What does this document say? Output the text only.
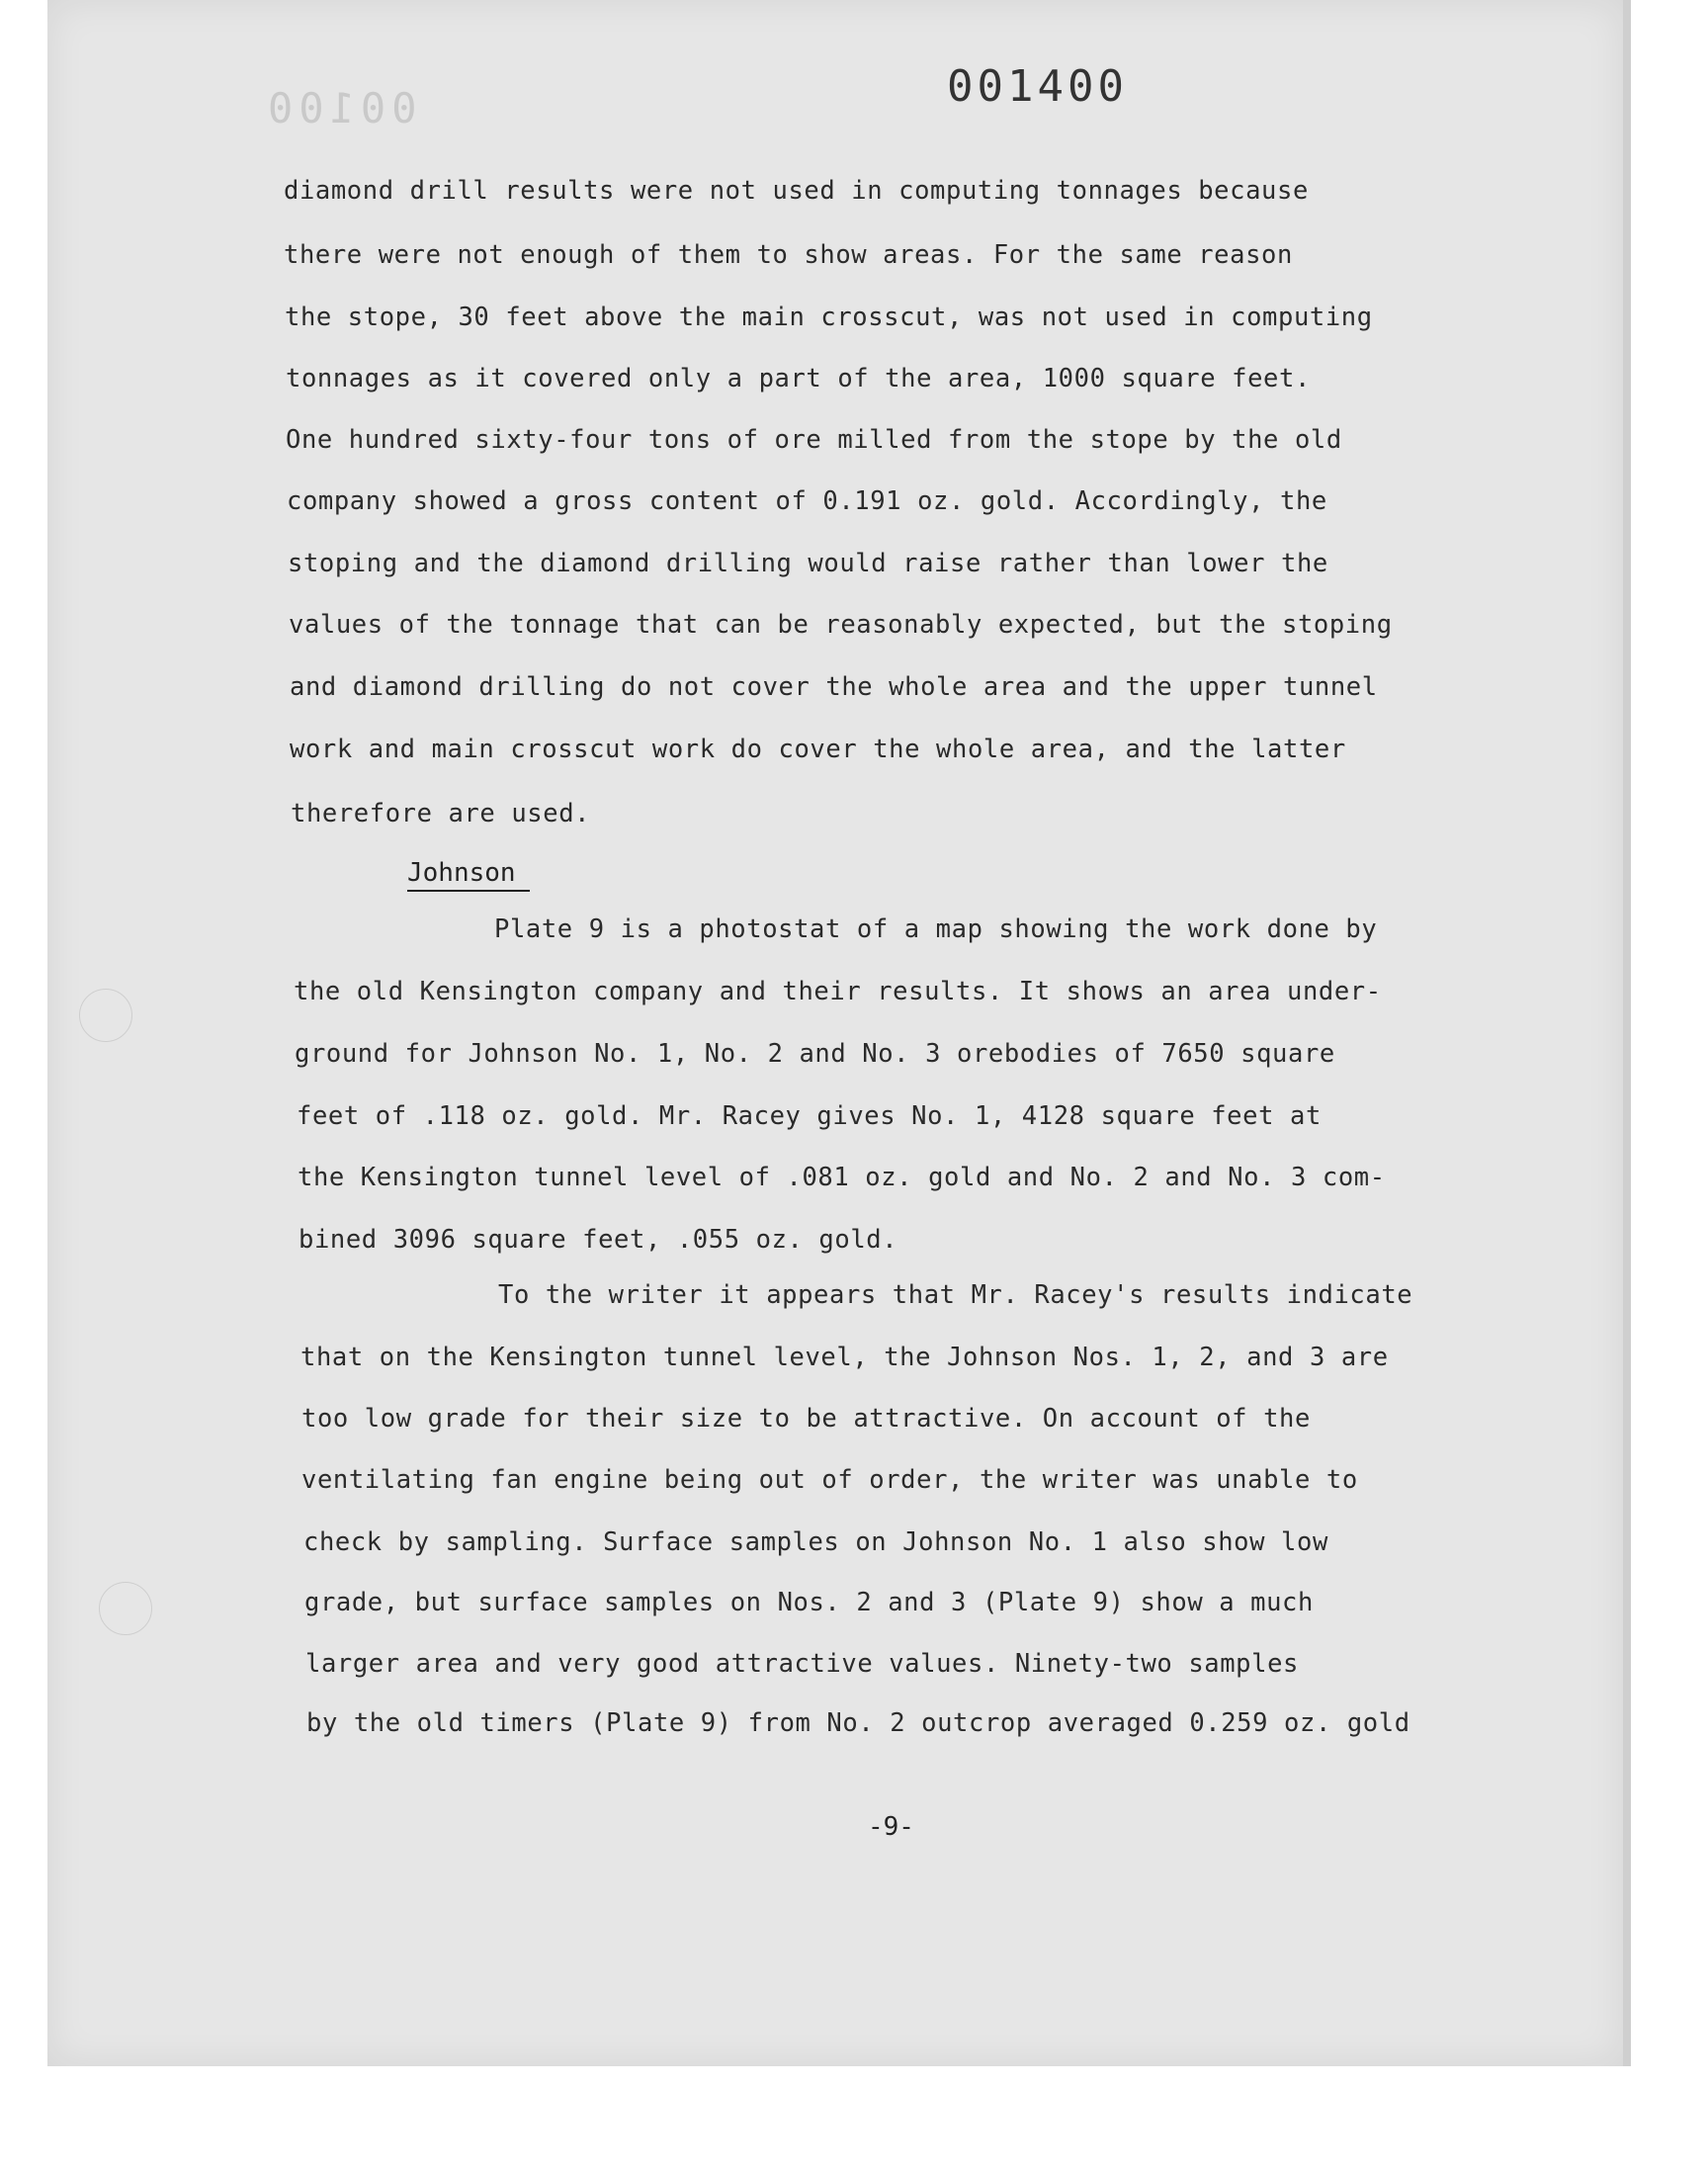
00100	001400
diamond drill results were not used in computing tonnages because
there were not enough of them to show areas. For the same reason
the stope, 30 feet above the main crosscut, was not used in computing
tonnages as it covered only a part of the area, 1000 square feet.
One hundred sixty-four tons of ore milled from the stope by the old
company showed a gross content of 0.191 oz. gold. Accordingly, the
stoping and the diamond drilling would raise rather than lower the
values of the tonnage that can be reasonably expected, but the stoping
and diamond drilling do not cover the whole area and the upper tunnel
work and main crosscut work do cover the whole area, and the latter
therefore are used.
Johnson
Plate 9 is a photostat of a map showing the work done by
the old Kensington company and their results. It shows an area under-
ground for Johnson No. 1, No. 2 and No. 3 orebodies of 7650 square
feet of .118 oz. gold. Mr. Racey gives No. 1, 4128 square feet at
the Kensington tunnel level of .081 oz. gold and No. 2 and No. 3 com-
bined 3096 square feet, .055 oz. gold.
To the writer it appears that Mr. Racey's results indicate
that on the Kensington tunnel level, the Johnson Nos. 1, 2, and 3 are
too low grade for their size to be attractive. On account of the
ventilating fan engine being out of order, the writer was unable to
check by sampling. Surface samples on Johnson No. 1 also show low
grade, but surface samples on Nos. 2 and 3 (Plate 9) show a much
larger area and very good attractive values. Ninety-two samples
by the old timers (Plate 9) from No. 2 outcrop averaged 0.259 oz. gold
-9-
